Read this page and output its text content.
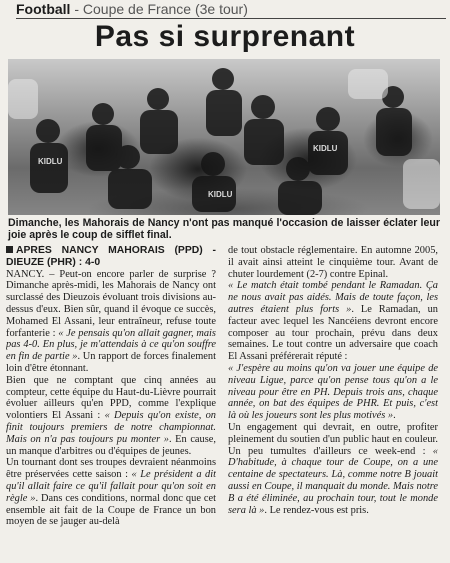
Football - Coupe de France (3e tour)
Pas si surprenant
KIDLU
KIDLU
KIDLU
Dimanche, les Mahorais de Nancy n'ont pas manqué l'occasion de laisser éclater leur joie après le coup de sifflet final.
APRÈS NANCY MAHORAIS (PPD) - DIEUZE (PHR) : 4-0

NANCY. – Peut-on encore parler de surprise ? Dimanche après-midi, les Mahorais de Nancy ont surclassé des Dieuzois évoluant trois divisions au-dessus d'eux. Bien sûr, quand il évoque ce succès, Mohamed El Assani, leur entraîneur, refuse toute forfanterie : « Je pensais qu'on allait gagner, mais pas 4-0. En plus, je m'attendais à ce qu'on souffre en fin de partie ». Un rapport de forces finalement loin d'être étonnant.

Bien que ne comptant que cinq années au compteur, cette équipe du Haut-du-Lièvre pourrait évoluer ailleurs qu'en PPD, comme l'explique volontiers El Assani : « Depuis qu'on existe, on finit toujours premiers de notre championnat. Mais on n'a pas toujours pu monter ». En cause, un manque d'arbitres ou d'équipes de jeunes.

Un tournant dont ses troupes devraient néanmoins être préservées cette saison : « Le président a dit qu'il allait faire ce qu'il fallait pour qu'on soit en règle ». Dans ces conditions, normal donc que cet ensemble ait fait de la Coupe de France un bon moyen de se jauger au-delà

de tout obstacle réglementaire. En automne 2005, il avait ainsi atteint le cinquième tour. Avant de chuter lourdement (2-7) contre Epinal.

« Le match était tombé pendant le Ramadan. Ça ne nous avait pas aidés. Mais de toute façon, les autres étaient plus forts ». Le Ramadan, un facteur avec lequel les Nancéiens devront encore composer au tour prochain, prévu dans deux semaines. Le tout contre un adversaire que coach El Assani préférerait réputé :

« J'espère au moins qu'on va jouer une équipe de niveau Ligue, parce qu'on pense tous qu'on a le niveau pour être en PH. Depuis trois ans, chaque année, on bat des équipes de PHR. Et puis, c'est là où les joueurs sont les plus motivés ».

Un engagement qui devrait, en outre, profiter pleinement du soutien d'un public haut en couleur. Un peu tumultes d'ailleurs ce week-end : « D'habitude, à chaque tour de Coupe, on a une centaine de spectateurs. Là, comme notre B jouait aussi en Coupe, il manquait du monde. Mais notre B a été éliminée, au prochain tour, tout le monde sera là ». Le rendez-vous est pris.
